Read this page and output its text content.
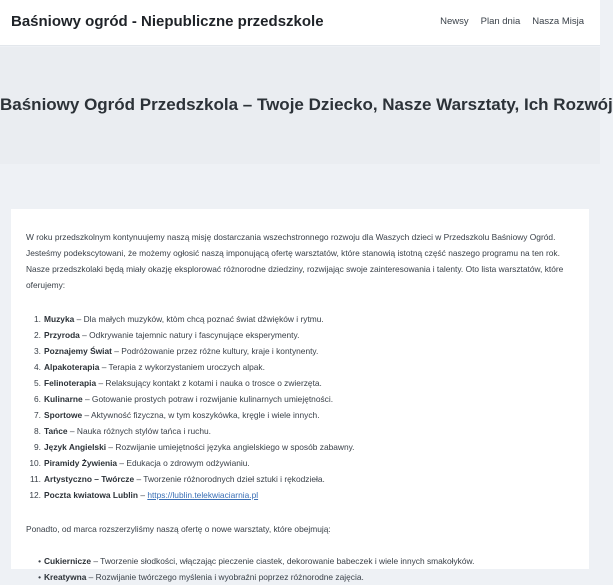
Baśniowy ogród - Niepubliczne przedszkole	Newsy Plan dnia Nasza Misja
Baśniowy Ogród Przedszkola – Twoje Dziecko, Nasze Warsztaty, Ich Rozwój

W roku przedszkolnym kontynuujemy naszą misję dostarczania wszechstronnego rozwoju dla Waszych dzieci w Przedszkolu Baśniowy Ogród. Jesteśmy podekscytowani, że możemy ogłosić naszą imponującą ofertę warsztatów, które stanowią istotną część naszego programu na ten rok. Nasze przedszkolaki będą miały okazję eksplorować różnorodne dziedziny, rozwijając swoje zainteresowania i talenty. Oto lista warsztatów, które oferujemy:

1. Muzyka – Dla małych muzyków, ktòm chcą poznać świat dźwięków i rytmu.
2. Przyroda – Odkrywanie tajemnic natury i fascynujące eksperymenty.
3. Poznajemy Świat – Podróżowanie przez różne kultury, kraje i kontynenty.
4. Alpakoterapia – Terapia z wykorzystaniem uroczych alpak.
5. Felinoterapia – Relaksujący kontakt z kotami i nauka o trosce o zwierzęta.
6. Kulinarne – Gotowanie prostych potraw i rozwijanie kulinarnych umiejętności.
7. Sportowe – Aktywność fizyczna, w tym koszykówka, kręgle i wiele innych.
8. Tańce – Nauka różnych stylów tańca i ruchu.
9. Język Angielski – Rozwijanie umiejętności języka angielskiego w sposób zabawny.
10. Piramidy Żywienia – Edukacja o zdrowym odżywianiu.
11. Artystyczno – Twórcze – Tworzenie różnorodnych dzieł sztuki i rękodzieła.
12. Poczta kwiatowa Lublin – https://lublin.telekwiaciarnia.pl

Ponadto, od marca rozszerzyliśmy naszą ofertę o nowe warsztaty, które obejmują:

• Cukiernicze – Tworzenie słodkości, włączając pieczenie ciastek, dekorowanie babeczek i wiele innych smakołyków.
• Kreatywna – Rozwijanie twórczego myślenia i wyobraźni poprzez różnorodne zajęcia.
